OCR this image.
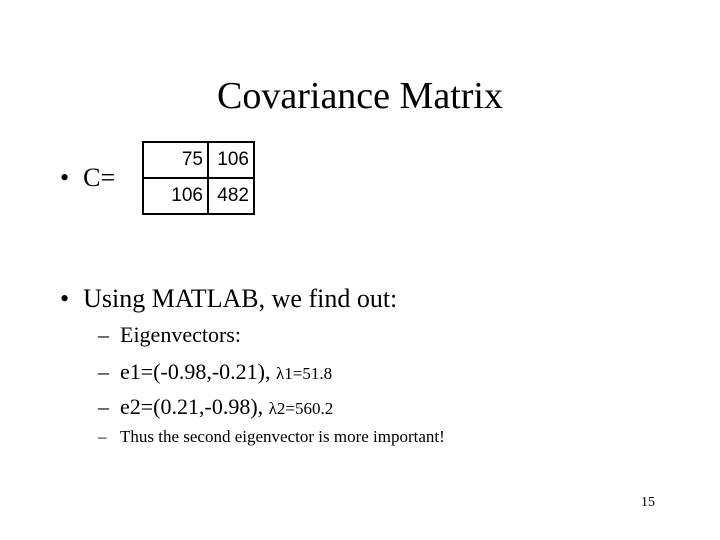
Covariance Matrix
• C=
75	106
106	482
• Using MATLAB, we find out:
– Eigenvectors:
– e1=(-0.98,-0.21), λ1=51.8
– e2=(0.21,-0.98), λ2=560.2
– Thus the second eigenvector is more important!
15
